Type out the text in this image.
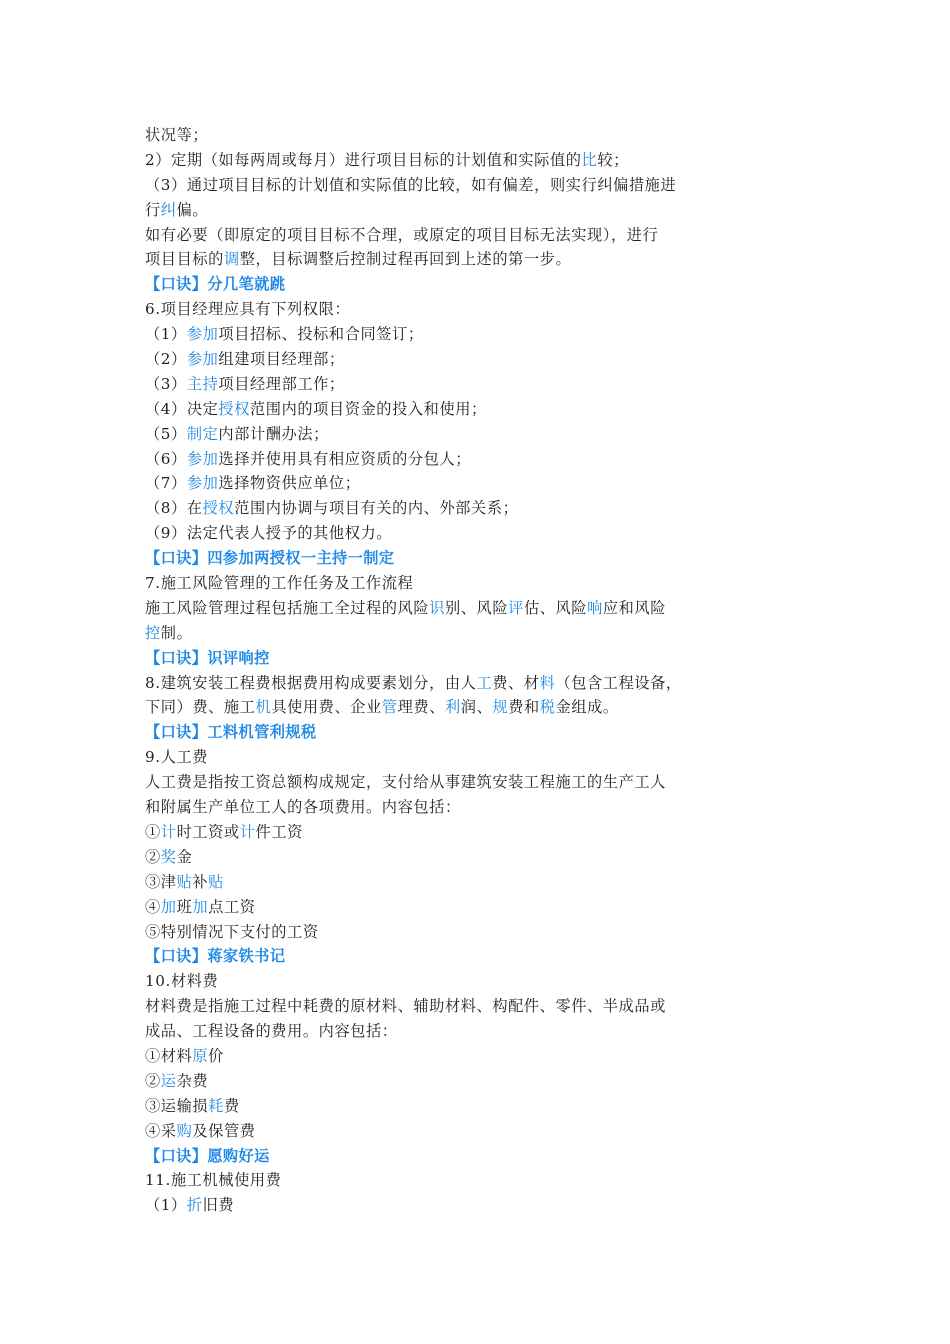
状况等；
2）定期（如每两周或每月）进行项目目标的计划值和实际值的比较；
（3）通过项目目标的计划值和实际值的比较，如有偏差，则实行纠偏措施进
行纠偏。
如有必要（即原定的项目目标不合理，或原定的项目目标无法实现），进行
项目目标的调整，目标调整后控制过程再回到上述的第一步。
【口诀】分几笔就跳
6.项目经理应具有下列权限：
（1）参加项目招标、投标和合同签订；
（2）参加组建项目经理部；
（3）主持项目经理部工作；
（4）决定授权范围内的项目资金的投入和使用；
（5）制定内部计酬办法；
（6）参加选择并使用具有相应资质的分包人；
（7）参加选择物资供应单位；
（8）在授权范围内协调与项目有关的内、外部关系；
（9）法定代表人授予的其他权力。
【口诀】四参加两授权一主持一制定
7.施工风险管理的工作任务及工作流程
施工风险管理过程包括施工全过程的风险识别、风险评估、风险响应和风险
控制。
【口诀】识评响控
8.建筑安装工程费根据费用构成要素划分，由人工费、材料（包含工程设备，
下同）费、施工机具使用费、企业管理费、利润、规费和税金组成。
【口诀】工料机管利规税
9.人工费
人工费是指按工资总额构成规定，支付给从事建筑安装工程施工的生产工人
和附属生产单位工人的各项费用。内容包括：
①计时工资或计件工资
②奖金
③津贴补贴
④加班加点工资
⑤特别情况下支付的工资
【口诀】蒋家铁书记
10.材料费
材料费是指施工过程中耗费的原材料、辅助材料、构配件、零件、半成品或
成品、工程设备的费用。内容包括：
①材料原价
②运杂费
③运输损耗费
④采购及保管费
【口诀】愿购好运
11.施工机械使用费
（1）折旧费
